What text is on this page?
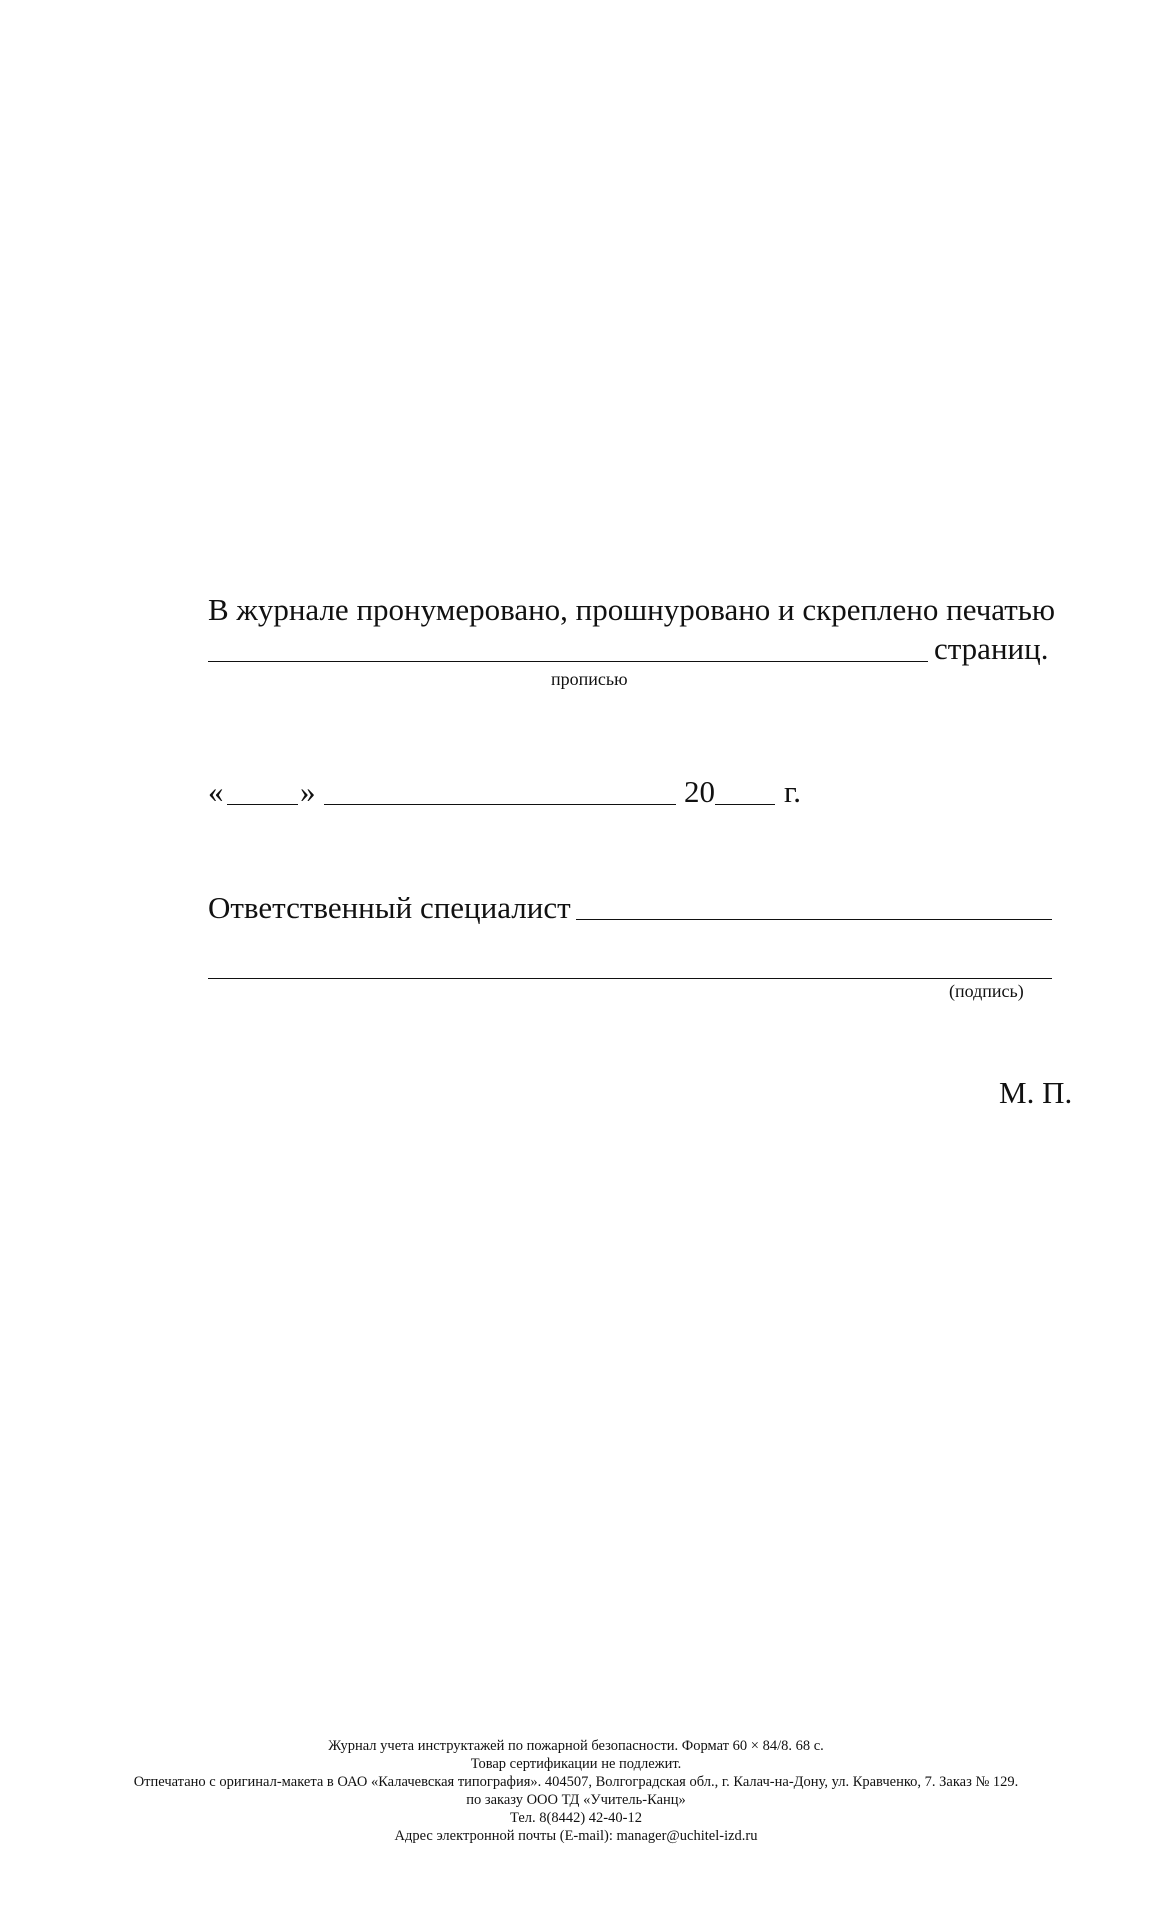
В журнале пронумеровано, прошнуровано и скреплено печатью
страниц.
прописью
« »	20 г.
Ответственный специалист
(подпись)
М. П.
Журнал учета инструктажей по пожарной безопасности. Формат 60 × 84/8. 68 с.
Товар сертификации не подлежит.
Отпечатано с оригинал-макета в ОАО «Калачевская типография». 404507, Волгоградская обл., г. Калач-на-Дону, ул. Кравченко, 7. Заказ № 129.
по заказу ООО ТД «Учитель-Канц»
Тел. 8(8442) 42-40-12
Адрес электронной почты (E-mail): manager@uchitel-izd.ru
